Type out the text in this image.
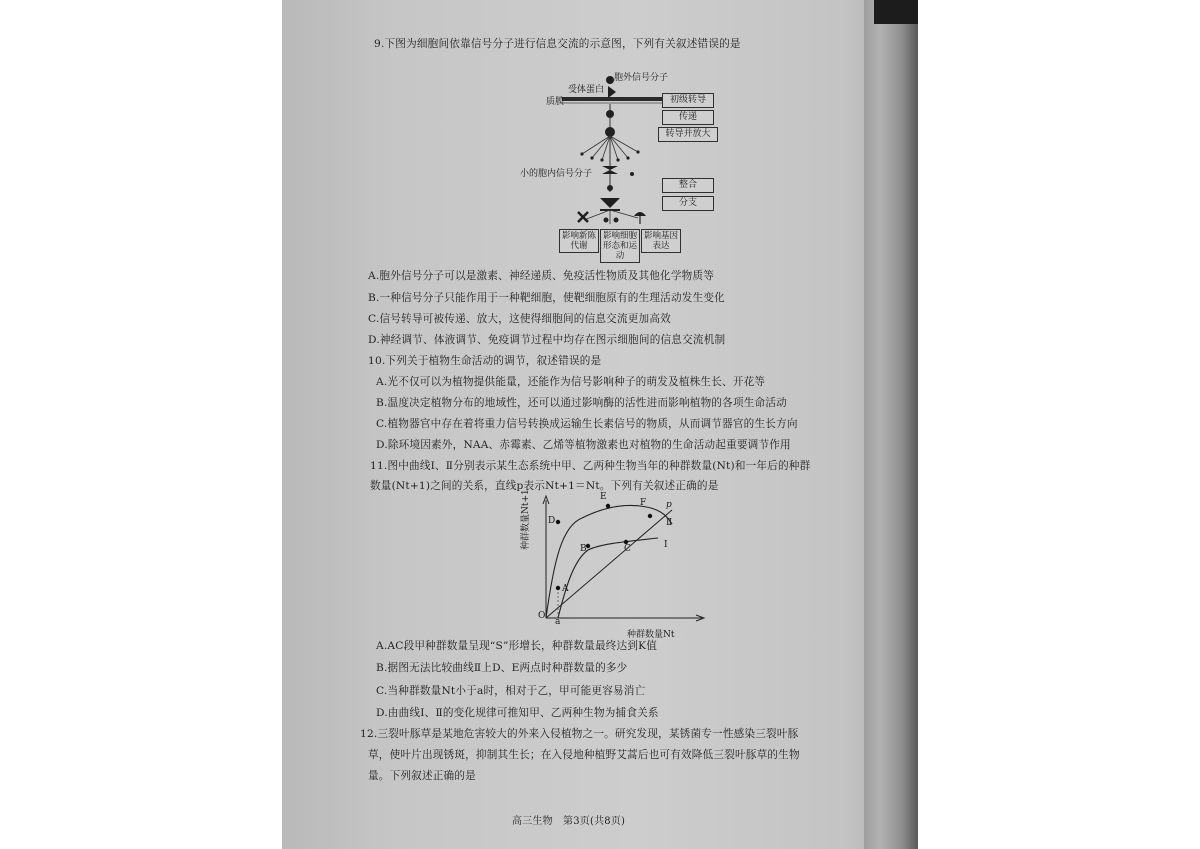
9.下图为细胞间依靠信号分子进行信息交流的示意图，下列有关叙述错误的是
胞外信号分子
受体蛋白
质膜
小的胞内信号分子
初级转导
传递
转导并放大
整合
分支
影响新陈代谢
影响细胞形态和运动
影响基因表达
A.胞外信号分子可以是激素、神经递质、免疫活性物质及其他化学物质等
B.一种信号分子只能作用于一种靶细胞，使靶细胞原有的生理活动发生变化
C.信号转导可被传递、放大，这使得细胞间的信息交流更加高效
D.神经调节、体液调节、免疫调节过程中均存在图示细胞间的信息交流机制
10.下列关于植物生命活动的调节，叙述错误的是
A.光不仅可以为植物提供能量，还能作为信号影响种子的萌发及植株生长、开花等
B.温度决定植物分布的地域性，还可以通过影响酶的活性进而影响植物的各项生命活动
C.植物器官中存在着将重力信号转换成运输生长素信号的物质，从而调节器官的生长方向
D.除环境因素外，NAA、赤霉素、乙烯等植物激素也对植物的生命活动起重要调节作用
11.图中曲线Ⅰ、Ⅱ分别表示某生态系统中甲、乙两种生物当年的种群数量(Nt)和一年后的种群
数量(Nt+1)之间的关系，直线p表示Nt+1＝Nt。下列有关叙述正确的是
种群数量Nt+1
种群数量Nt
O
a
A
B	C
D
E
F
Ⅰ
Ⅱ
p
A.AC段甲种群数量呈现“S”形增长，种群数量最终达到K值
B.据图无法比较曲线Ⅱ上D、E两点时种群数量的多少
C.当种群数量Nt小于a时，相对于乙，甲可能更容易消亡
D.由曲线Ⅰ、Ⅱ的变化规律可推知甲、乙两种生物为捕食关系
12.三裂叶豚草是某地危害较大的外来入侵植物之一。研究发现，某锈菌专一性感染三裂叶豚
草，使叶片出现锈斑，抑制其生长；在入侵地种植野艾蒿后也可有效降低三裂叶豚草的生物
量。下列叙述正确的是
高三生物　第3页(共8页)
